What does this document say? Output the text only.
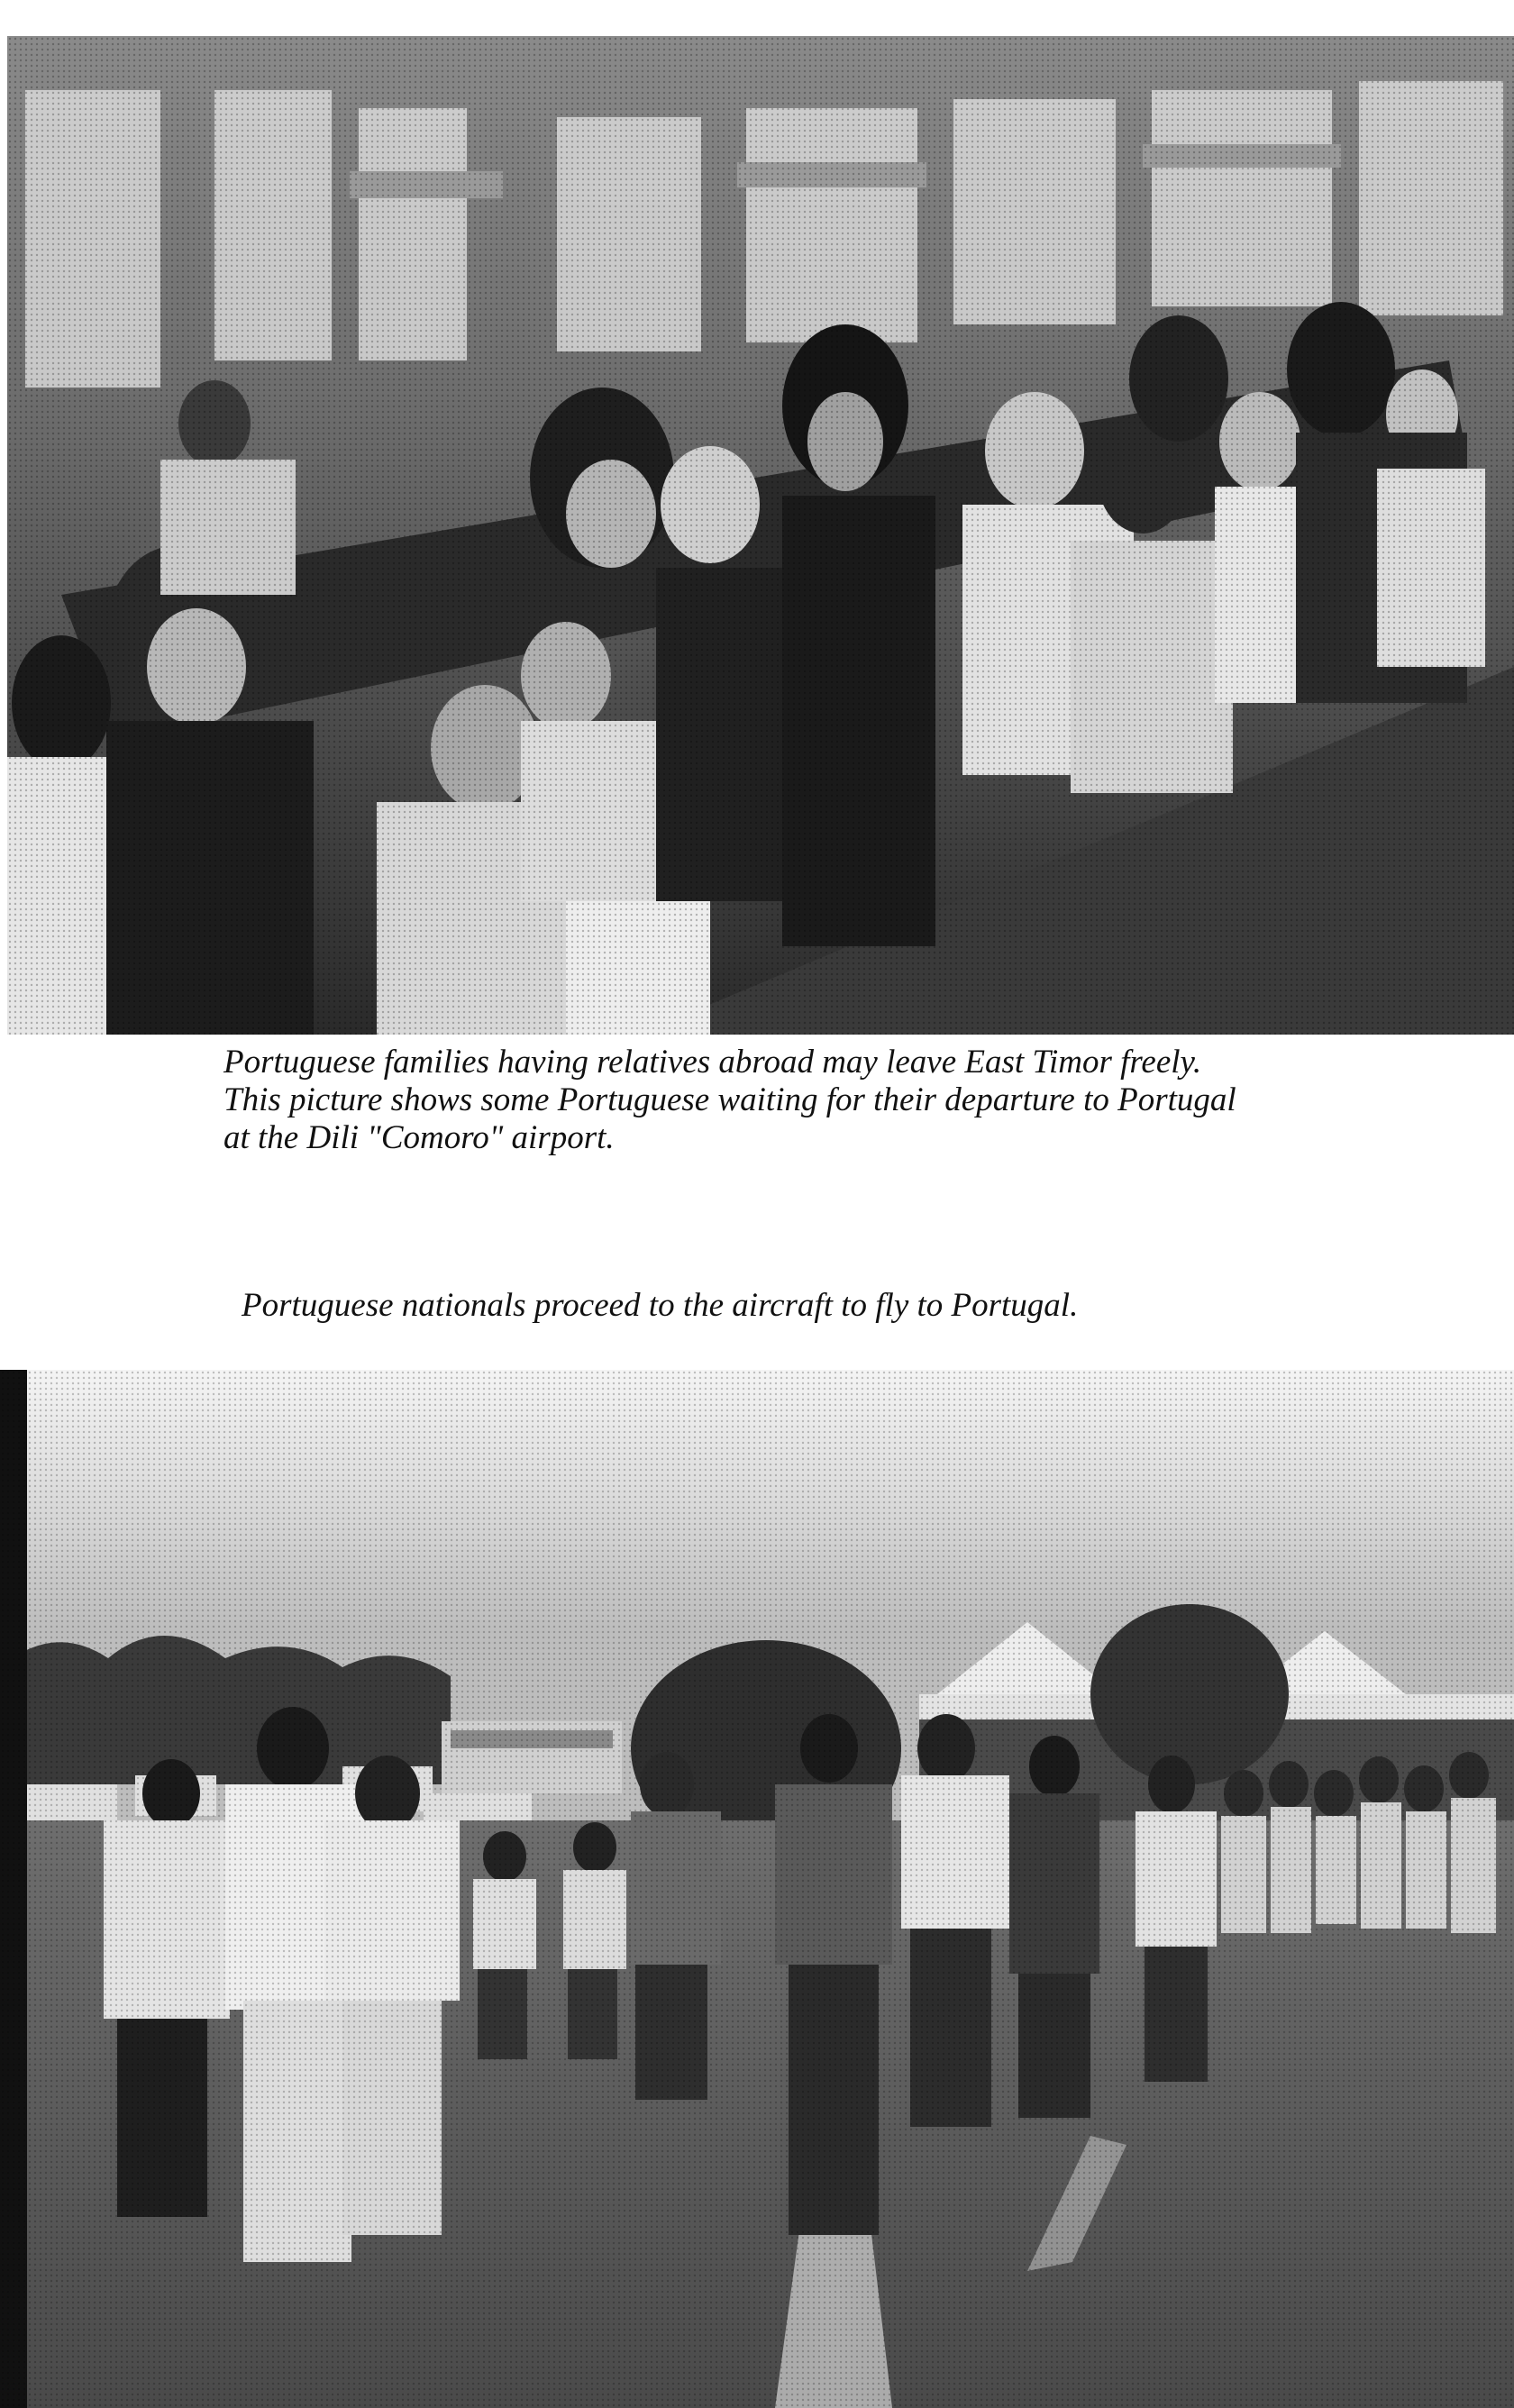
Portuguese families having relatives abroad may leave East Timor freely.
This picture shows some Portuguese waiting for their departure to Portugal
at the Dili "Comoro" airport.

Portuguese nationals proceed to the aircraft to fly to Portugal.
